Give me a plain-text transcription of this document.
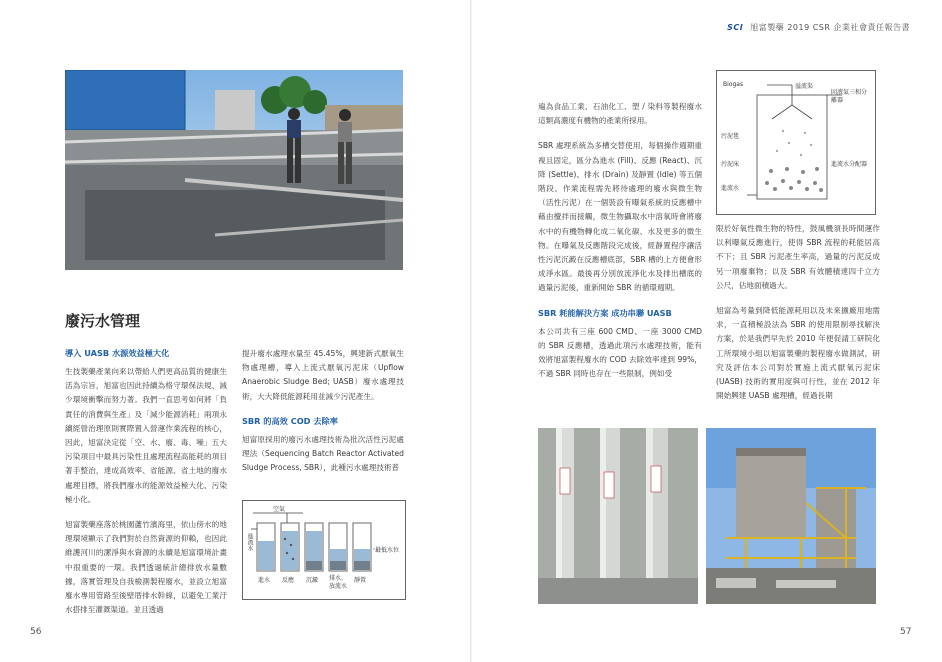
SCI 旭富製藥 2019 CSR 企業社會責任報告書
廢污水管理
導入 UASB 水源效益極大化

生技製藥產業向來以帶給人們更高品質的健康生活為宗旨，旭富也因此持續為格守環保法規、減少環境衝擊而努力著。我們一直思考如何將「負責任的消費與生產」及「減少能源消耗」兩項永續經營治理原則實際置入營運作業流程的核心，因此，旭富決定從「空、水、廢、毒、噪」五大污染項目中最具污染性且處理流程高能耗的項目著手整治，達成高效率、省能源、省土地的廢水處理目標，將我們廢水的能源效益極大化、污染極小化。

旭富製藥座落於桃園蘆竹濱海里，依山傍水的地理環境顯示了我們對於自然資源的仰賴，也因此維護河川的潔淨與水資源的永續是旭富環境計畫中很重要的一環。我們透過統計總排放水量數據，落實管理及自我檢測製程廢水，並設立旭富廢水專用管路至後壁厝排水幹線，以避免工業汙水搭排至灌溉渠道。並且透過

提升廢水處理水量至 45.45%，興建新式厭氧生物處理槽，導入上流式厭氧污泥床（Upflow Anaerobic Sludge Bed; UASB）廢水處理技術，大大降低能源耗用並減少污泥產生。

SBR 的高效 COD 去除率

旭富原採用的廢污水處理技術為批次活性污泥處理法（Sequencing Batch Reactor Activated Sludge Process, SBR），此種污水處理技術普

空氣
進流水	最低水位
進水 反應 沉澱 排水、
放流水
靜置
56

遍為食品工業、石油化工、塑 / 染料等製程廢水這類高濃度有機物的產業所採用。

SBR 處理系統為多槽交替使用，每個操作週期重複且固定，區分為進水 (Fill)、反應 (React)、沉降 (Settle)、排水 (Drain) 及靜置 (Idle) 等五個階段。作業流程需先將待處理的廢水與微生物（活性污泥）在一個裝設有曝氣系統的反應槽中藉由攪拌而接觸，微生物攝取水中溶氧時會將廢水中的有機物轉化成二氧化碳、水及更多的微生物。在曝氣及反應階段完成後，經靜置程序讓活性污泥沉澱在反應槽底部，SBR 槽的上方便會形成淨水區。最後再分別放流淨化水及排出槽底的過量污泥後，重新開始 SBR 的循環週期。

SBR 耗能解決方案 成功串聯 UASB

本公司共有三座 600 CMD、一座 3000 CMD 的 SBR 反應槽，透過此項污水處理技術，能有效將旭富製程廢水的 COD 去除效率達到 99%，不過 SBR 同時也存在一些限制，例如受

Biogas	溢流渠
固液氣三相分離器
污泥毯
污泥床
進流水
進流水分配器

限於好氧性微生物的特性，鼓風機須長時間運作以利曝氣反應進行，使得 SBR 流程的耗能居高不下；且 SBR 污泥產生率高，過量的污泥反成另一項廢棄物；以及 SBR 有效體積達四千立方公尺，佔地面積過大。

旭富為考量到降低能源耗用以及未來擴廠用地需求，一直積極設法為 SBR 的使用限制尋找解決方案，於是我們早先於 2010 年便促請工研院化工所環境小組以旭富製藥的製程廢水做測試，研究及評估本公司對於實施上流式厭氧污泥床 (UASB) 技術的實用度與可行性，並在 2012 年開始興建 UASB 處理槽，經過長期

57
